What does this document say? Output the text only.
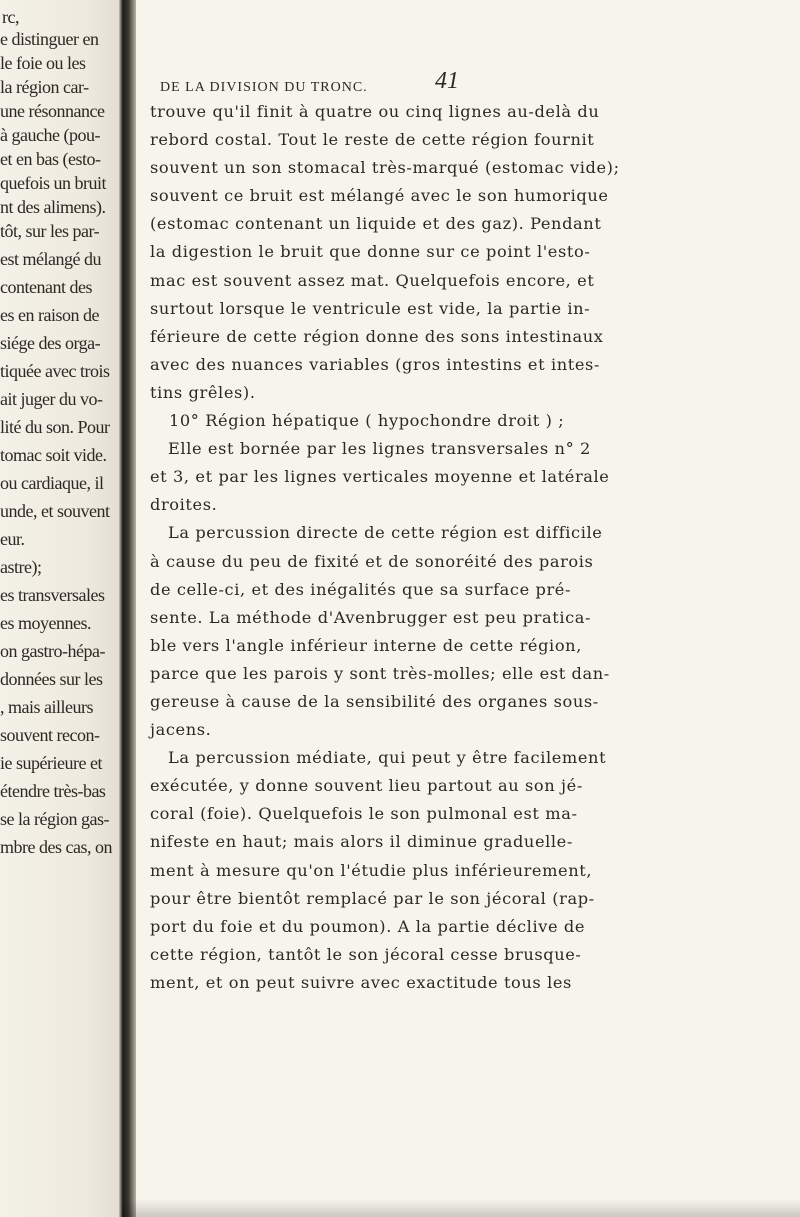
rc,
e distinguer en
le foie ou les
la région car-
une résonnance
à gauche (pou-
et en bas (esto-
quefois un bruit
nt des alimens).
tôt, sur les par-
est mélangé du
contenant des
es en raison de
siége des orga-
tiquée avec trois
ait juger du vo-
lité du son. Pour
tomac soit vide.
ou cardiaque, il
unde, et souvent
eur.
astre);
es transversales
es moyennes.
on gastro-hépa-
données sur les
, mais ailleurs
souvent recon-
ie supérieure et
étendre très-bas
se la région gas-
mbre des cas, on
DE LA DIVISION DU TRONC.	41
trouve qu'il finit à quatre ou cinq lignes au-delà du
rebord costal. Tout le reste de cette région fournit
souvent un son stomacal très-marqué (estomac vide);
souvent ce bruit est mélangé avec le son humorique
(estomac contenant un liquide et des gaz). Pendant
la digestion le bruit que donne sur ce point l'esto-
mac est souvent assez mat. Quelquefois encore, et
surtout lorsque le ventricule est vide, la partie in-
férieure de cette région donne des sons intestinaux
avec des nuances variables (gros intestins et intes-
tins grêles).
10° Région hépatique ( hypochondre droit ) ;
Elle est bornée par les lignes transversales n° 2
et 3, et par les lignes verticales moyenne et latérale
droites.
La percussion directe de cette région est difficile
à cause du peu de fixité et de sonoréité des parois
de celle-ci, et des inégalités que sa surface pré-
sente. La méthode d'Avenbrugger est peu pratica-
ble vers l'angle inférieur interne de cette région,
parce que les parois y sont très-molles; elle est dan-
gereuse à cause de la sensibilité des organes sous-
jacens.
La percussion médiate, qui peut y être facilement
exécutée, y donne souvent lieu partout au son jé-
coral (foie). Quelquefois le son pulmonal est ma-
nifeste en haut; mais alors il diminue graduelle-
ment à mesure qu'on l'étudie plus inférieurement,
pour être bientôt remplacé par le son jécoral (rap-
port du foie et du poumon). A la partie déclive de
cette région, tantôt le son jécoral cesse brusque-
ment, et on peut suivre avec exactitude tous les
